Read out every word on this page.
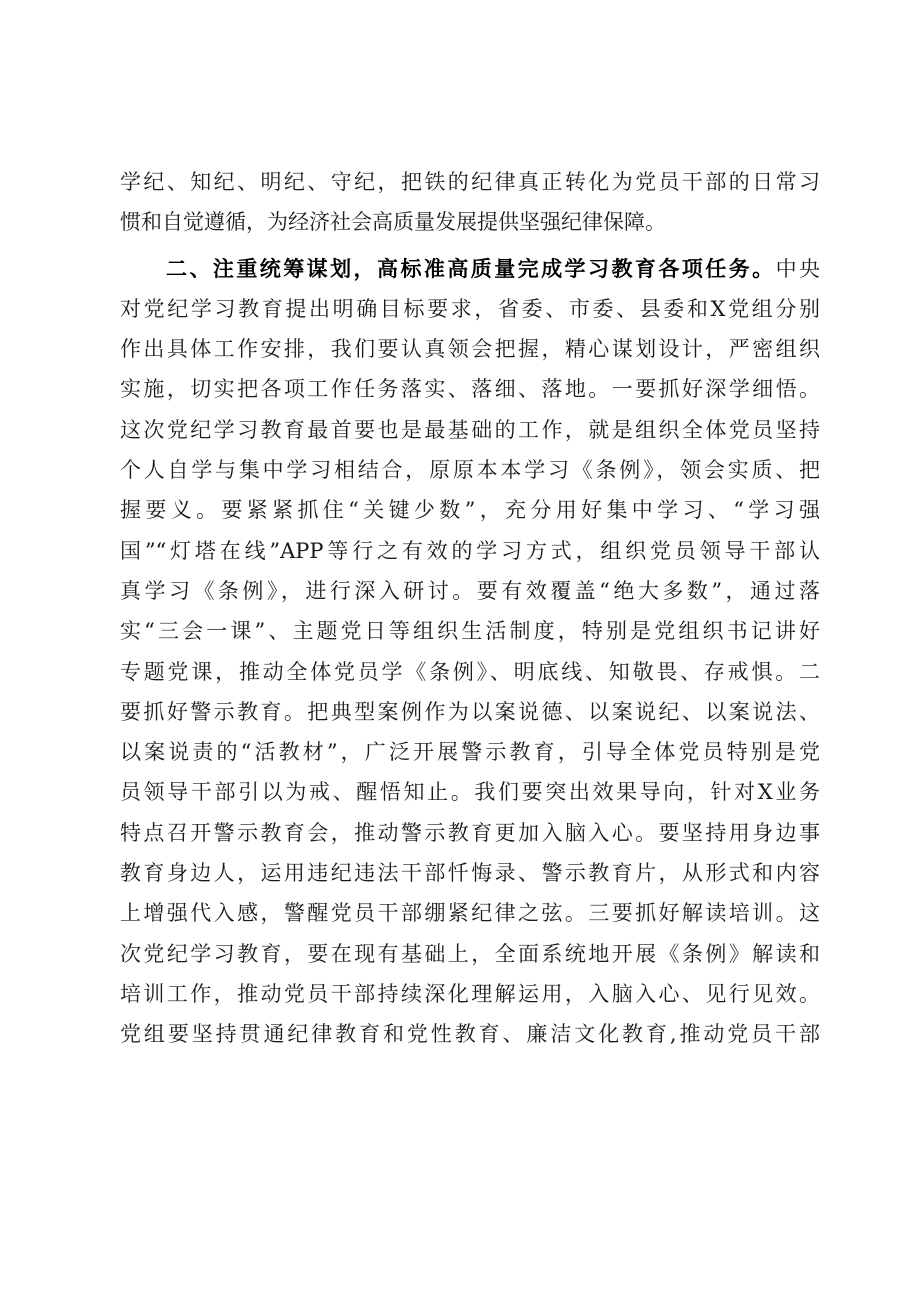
学纪、知纪、明纪、守纪，把铁的纪律真正转化为党员干部的日常习
惯和自觉遵循，为经济社会高质量发展提供坚强纪律保障。
二、注重统筹谋划，高标准高质量完成学习教育各项任务。中央
对党纪学习教育提出明确目标要求，省委、市委、县委和X党组分别
作出具体工作安排，我们要认真领会把握，精心谋划设计，严密组织
实施，切实把各项工作任务落实、落细、落地。一要抓好深学细悟。
这次党纪学习教育最首要也是最基础的工作，就是组织全体党员坚持
个人自学与集中学习相结合，原原本本学习《条例》，领会实质、把
握要义。要紧紧抓住“关键少数”，充分用好集中学习、“学习强
国”“灯塔在线”APP等行之有效的学习方式，组织党员领导干部认
真学习《条例》，进行深入研讨。要有效覆盖“绝大多数”，通过落
实“三会一课”、主题党日等组织生活制度，特别是党组织书记讲好
专题党课，推动全体党员学《条例》、明底线、知敬畏、存戒惧。二
要抓好警示教育。把典型案例作为以案说德、以案说纪、以案说法、
以案说责的“活教材”，广泛开展警示教育，引导全体党员特别是党
员领导干部引以为戒、醒悟知止。我们要突出效果导向，针对X业务
特点召开警示教育会，推动警示教育更加入脑入心。要坚持用身边事
教育身边人，运用违纪违法干部忏悔录、警示教育片，从形式和内容
上增强代入感，警醒党员干部绷紧纪律之弦。三要抓好解读培训。这
次党纪学习教育，要在现有基础上，全面系统地开展《条例》解读和
培训工作，推动党员干部持续深化理解运用，入脑入心、见行见效。
党组要坚持贯通纪律教育和党性教育、廉洁文化教育,推动党员干部
